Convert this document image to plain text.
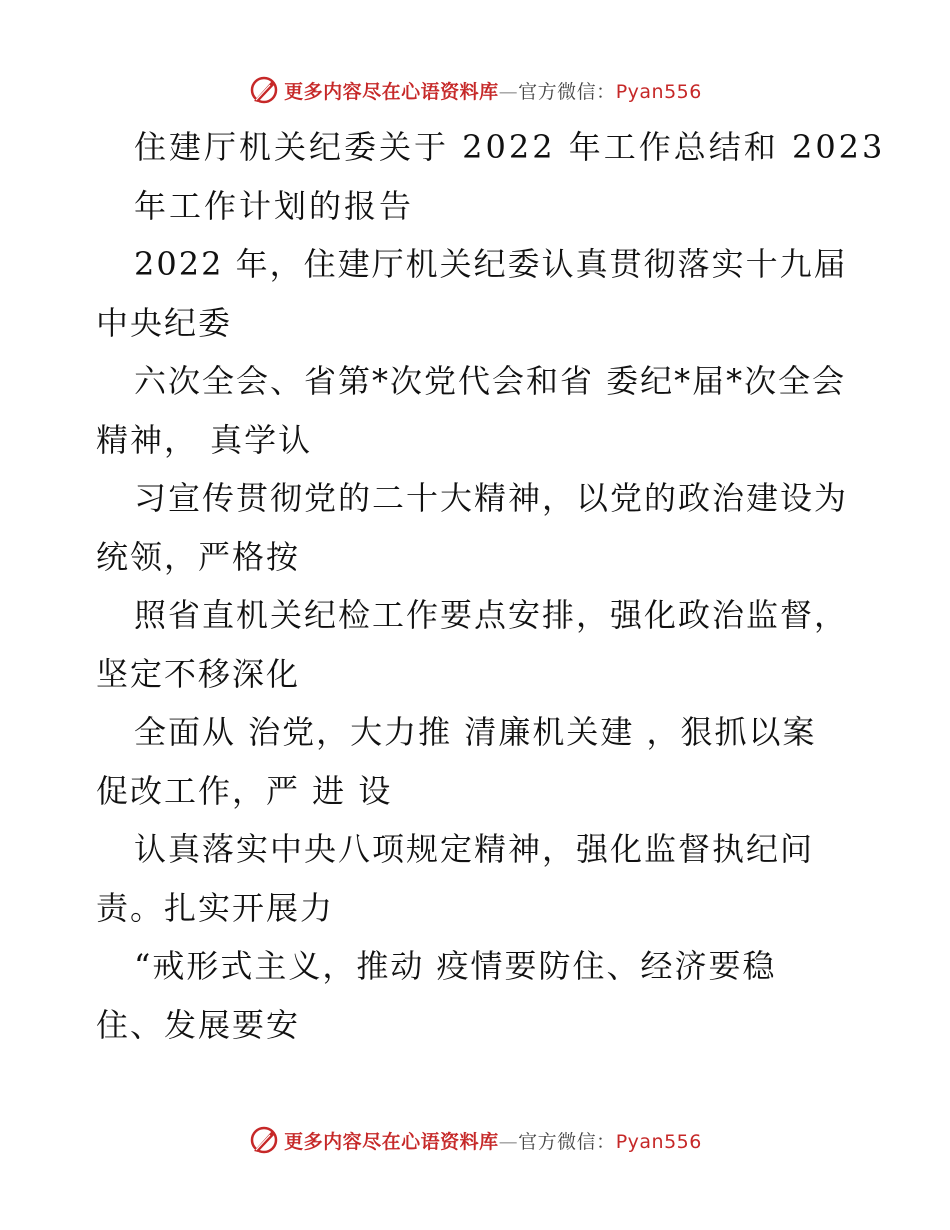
更多内容尽在心语资料库—官方微信：Pyan556
住建厅机关纪委关于 2022 年工作总结和 2023
年工作计划的报告
2022 年，住建厅机关纪委认真贯彻落实十九届
中央纪委
六次全会、省第*次党代会和省 委纪*届*次全会
精神， 真学认
习宣传贯彻党的二十大精神，以党的政治建设为
统领，严格按
照省直机关纪检工作要点安排，强化政治监督，
坚定不移深化
全面从 治党，大力推 清廉机关建 ，狠抓以案
促改工作，严 进 设
认真落实中央八项规定精神，强化监督执纪问
责。扎实开展力
“戒形式主义，推动 疫情要防住、经济要稳
住、发展要安
更多内容尽在心语资料库—官方微信：Pyan556
